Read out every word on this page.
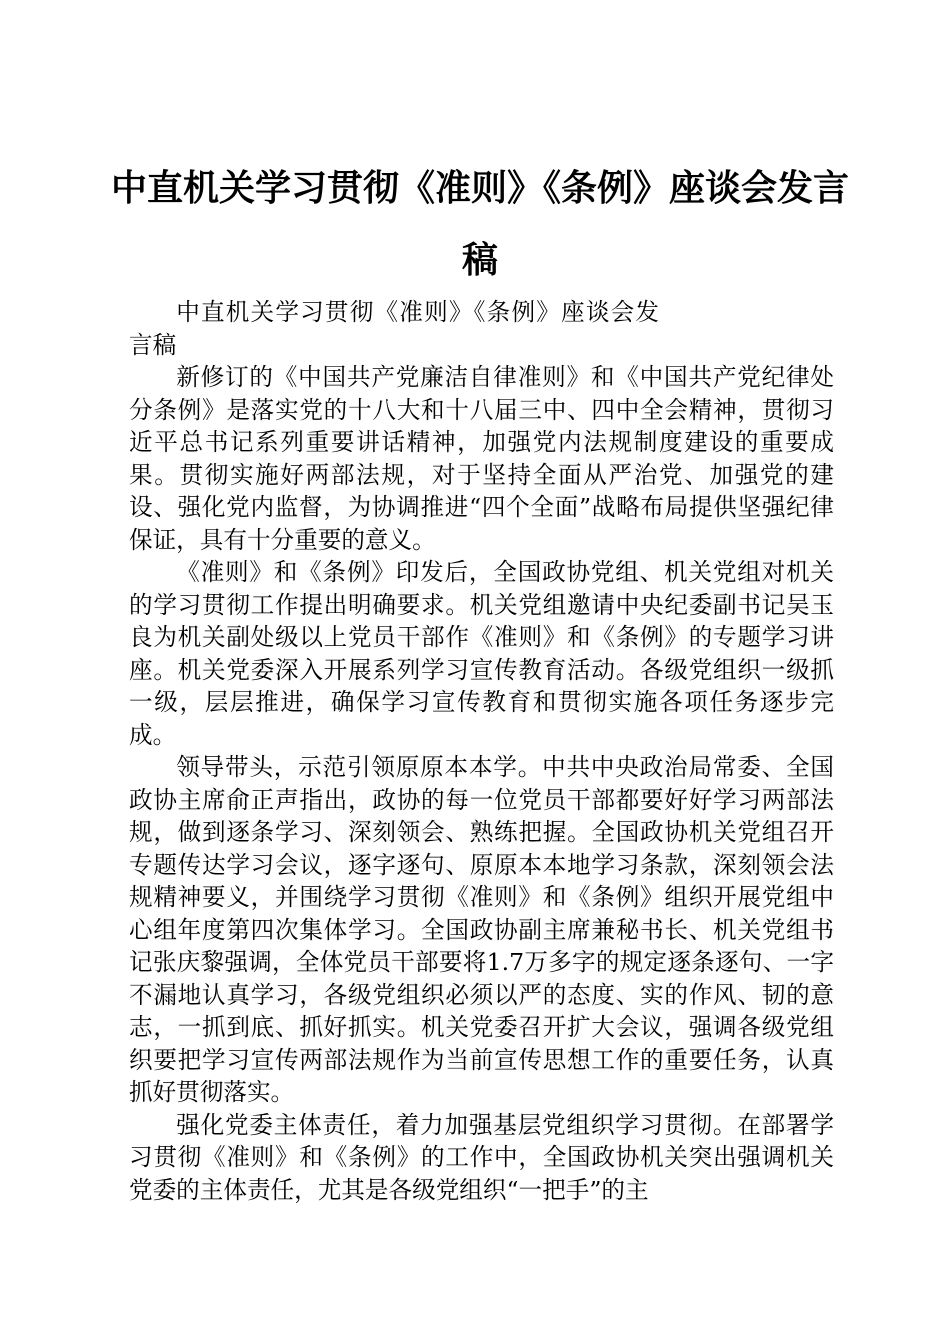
中直机关学习贯彻《准则》《条例》座谈会发言稿

中直机关学习贯彻《准则》《条例》座谈会发言稿

新修订的《中国共产党廉洁自律准则》和《中国共产党纪律处分条例》是落实党的十八大和十八届三中、四中全会精神，贯彻习近平总书记系列重要讲话精神，加强党内法规制度建设的重要成果。贯彻实施好两部法规，对于坚持全面从严治党、加强党的建设、强化党内监督，为协调推进“四个全面”战略布局提供坚强纪律保证，具有十分重要的意义。

《准则》和《条例》印发后，全国政协党组、机关党组对机关的学习贯彻工作提出明确要求。机关党组邀请中央纪委副书记吴玉良为机关副处级以上党员干部作《准则》和《条例》的专题学习讲座。机关党委深入开展系列学习宣传教育活动。各级党组织一级抓一级，层层推进，确保学习宣传教育和贯彻实施各项任务逐步完成。

领导带头，示范引领原原本本学。中共中央政治局常委、全国政协主席俞正声指出，政协的每一位党员干部都要好好学习两部法规，做到逐条学习、深刻领会、熟练把握。全国政协机关党组召开专题传达学习会议，逐字逐句、原原本本地学习条款，深刻领会法规精神要义，并围绕学习贯彻《准则》和《条例》组织开展党组中心组年度第四次集体学习。全国政协副主席兼秘书长、机关党组书记张庆黎强调，全体党员干部要将1.7万多字的规定逐条逐句、一字不漏地认真学习，各级党组织必须以严的态度、实的作风、韧的意志，一抓到底、抓好抓实。机关党委召开扩大会议，强调各级党组织要把学习宣传两部法规作为当前宣传思想工作的重要任务，认真抓好贯彻落实。

强化党委主体责任，着力加强基层党组织学习贯彻。在部署学习贯彻《准则》和《条例》的工作中，全国政协机关突出强调机关党委的主体责任，尤其是各级党组织“一把手”的主
